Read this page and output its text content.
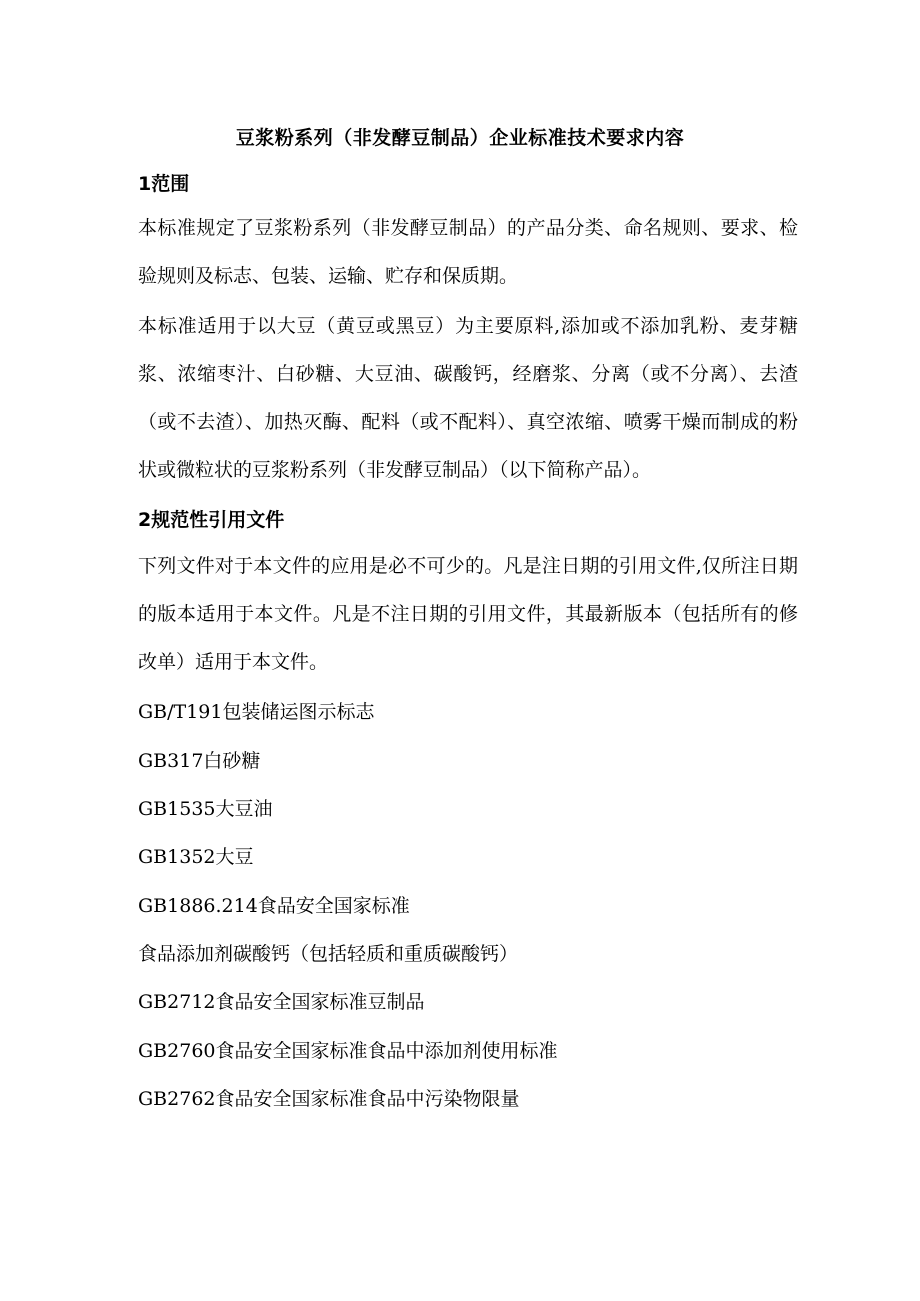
豆浆粉系列（非发酵豆制品）企业标准技术要求内容
1范围
本标准规定了豆浆粉系列（非发酵豆制品）的产品分类、命名规则、要求、检验规则及标志、包装、运输、贮存和保质期。
本标准适用于以大豆（黄豆或黑豆）为主要原料,添加或不添加乳粉、麦芽糖浆、浓缩枣汁、白砂糖、大豆油、碳酸钙，经磨浆、分离（或不分离）、去渣（或不去渣）、加热灭酶、配料（或不配料）、真空浓缩、喷雾干燥而制成的粉状或微粒状的豆浆粉系列（非发酵豆制品）（以下简称产品）。
2规范性引用文件
下列文件对于本文件的应用是必不可少的。凡是注日期的引用文件,仅所注日期的版本适用于本文件。凡是不注日期的引用文件，其最新版本（包括所有的修改单）适用于本文件。
GB/T191包装储运图示标志
GB317白砂糖
GB1535大豆油
GB1352大豆
GB1886.214食品安全国家标准
食品添加剂碳酸钙（包括轻质和重质碳酸钙）
GB2712食品安全国家标准豆制品
GB2760食品安全国家标准食品中添加剂使用标准
GB2762食品安全国家标准食品中污染物限量
